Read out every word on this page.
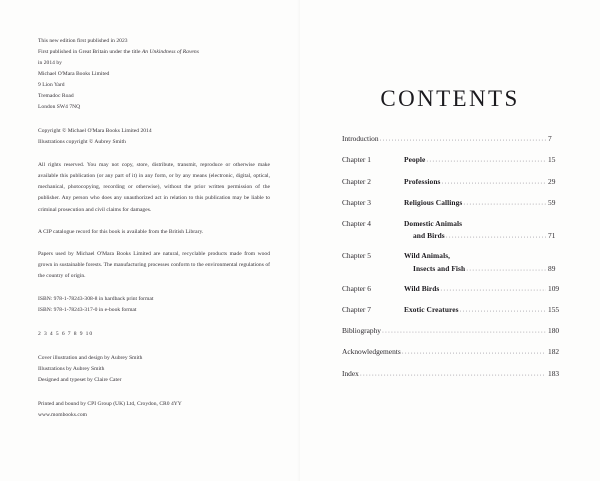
This new edition first published in 2023
First published in Great Britain under the title An Unkindness of Ravens
in 2014 by
Michael O'Mara Books Limited
9 Lion Yard
Tremadoc Road
London SW4 7NQ

Copyright © Michael O'Mara Books Limited 2014
Illustrations copyright © Aubrey Smith

All rights reserved. You may not copy, store, distribute, transmit, reproduce or otherwise make available this publication (or any part of it) in any form, or by any means (electronic, digital, optical, mechanical, photocopying, recording or otherwise), without the prior written permission of the publisher. Any person who does any unauthorized act in relation to this publication may be liable to criminal prosecution and civil claims for damages.

A CIP catalogue record for this book is available from the British Library.

Papers used by Michael O'Mara Books Limited are natural, recyclable products made from wood grown in sustainable forests. The manufacturing processes conform to the environmental regulations of the country of origin.

ISBN: 978-1-78243-308-8 in hardback print format
ISBN: 978-1-78243-317-0 in e-book format

2 3 4 5 6 7 8 9 10

Cover illustration and design by Aubrey Smith
Illustrations by Aubrey Smith
Designed and typeset by Claire Cater

Printed and bound by CPI Group (UK) Ltd, Croydon, CR0 4YY
www.mombooks.com

CONTENTS
Introduction .....	7
Chapter 1	People .....	15
Chapter 2	Professions .....	29
Chapter 3	Religious Callings .....	59
Chapter 4	Domestic Animals
and Birds .....	71
Chapter 5	Wild Animals,
Insects and Fish .....	89
Chapter 6	Wild Birds .....	109
Chapter 7	Exotic Creatures .....	155
Bibliography .....	180
Acknowledgements .....	182
Index .....	183
